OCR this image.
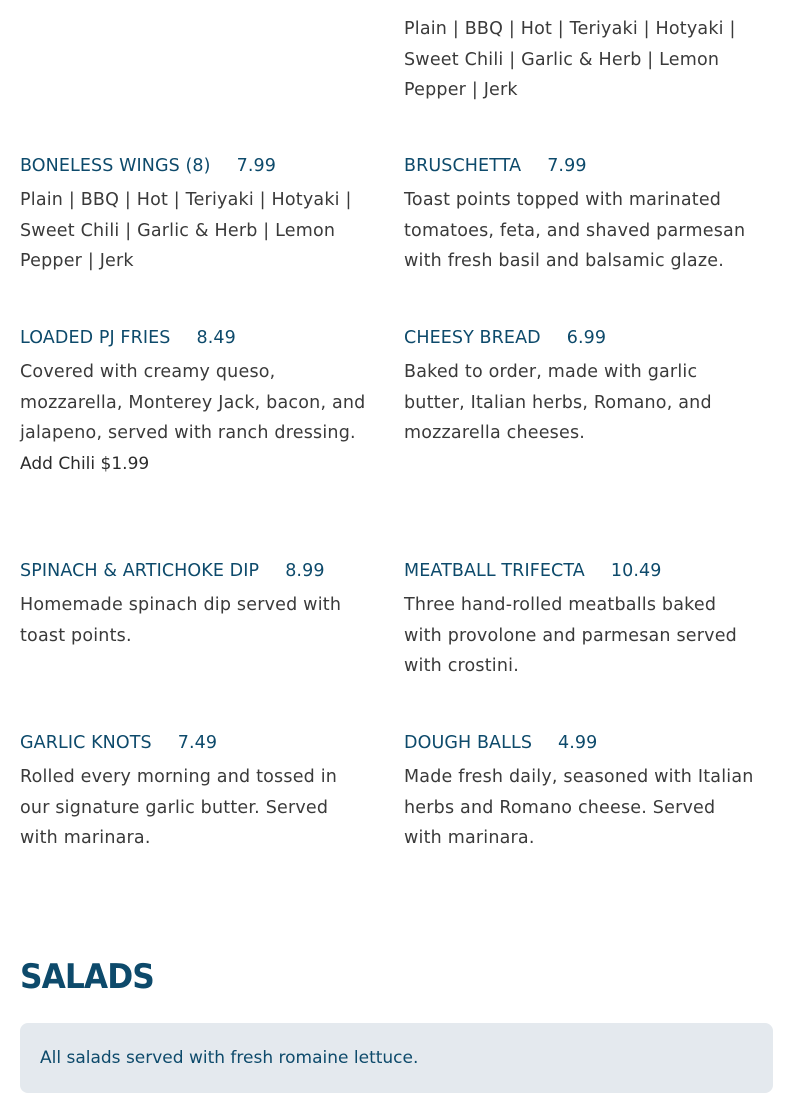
Plain | BBQ | Hot | Teriyaki | Hotyaki | Sweet Chili | Garlic & Herb | Lemon Pepper | Jerk
BONELESS WINGS (8) 7.99
Plain | BBQ | Hot | Teriyaki | Hotyaki | Sweet Chili | Garlic & Herb | Lemon Pepper | Jerk
BRUSCHETTA 7.99
Toast points topped with marinated tomatoes, feta, and shaved parmesan with fresh basil and balsamic glaze.
LOADED PJ FRIES 8.49
Covered with creamy queso, mozzarella, Monterey Jack, bacon, and jalapeno, served with ranch dressing.
Add Chili $1.99
CHEESY BREAD 6.99
Baked to order, made with garlic butter, Italian herbs, Romano, and mozzarella cheeses.
SPINACH & ARTICHOKE DIP 8.99
Homemade spinach dip served with toast points.
MEATBALL TRIFECTA 10.49
Three hand-rolled meatballs baked with provolone and parmesan served with crostini.
GARLIC KNOTS 7.49
Rolled every morning and tossed in our signature garlic butter. Served with marinara.
DOUGH BALLS 4.99
Made fresh daily, seasoned with Italian herbs and Romano cheese. Served with marinara.
SALADS
All salads served with fresh romaine lettuce.
